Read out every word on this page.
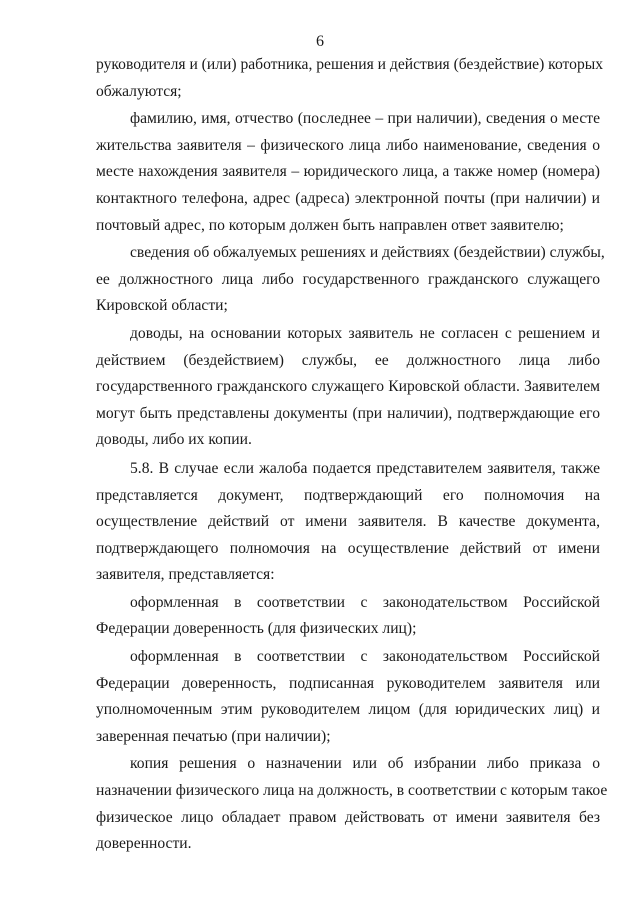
6
руководителя и (или) работника, решения и действия (бездействие) которых
обжалуются;
фамилию, имя, отчество (последнее – при наличии), сведения о месте
жительства заявителя – физического лица либо наименование, сведения о
месте нахождения заявителя – юридического лица, а также номер (номера)
контактного телефона, адрес (адреса) электронной почты (при наличии) и
почтовый адрес, по которым должен быть направлен ответ заявителю;
сведения об обжалуемых решениях и действиях (бездействии) службы,
ее должностного лица либо государственного гражданского служащего
Кировской области;
доводы, на основании которых заявитель не согласен с решением и
действием (бездействием) службы, ее должностного лица либо
государственного гражданского служащего Кировской области. Заявителем
могут быть представлены документы (при наличии), подтверждающие его
доводы, либо их копии.
5.8. В случае если жалоба подается представителем заявителя, также
представляется документ, подтверждающий его полномочия на
осуществление действий от имени заявителя. В качестве документа,
подтверждающего полномочия на осуществление действий от имени
заявителя, представляется:
оформленная в соответствии с законодательством Российской
Федерации доверенность (для физических лиц);
оформленная в соответствии с законодательством Российской
Федерации доверенность, подписанная руководителем заявителя или
уполномоченным этим руководителем лицом (для юридических лиц) и
заверенная печатью (при наличии);
копия решения о назначении или об избрании либо приказа о
назначении физического лица на должность, в соответствии с которым такое
физическое лицо обладает правом действовать от имени заявителя без
доверенности.
